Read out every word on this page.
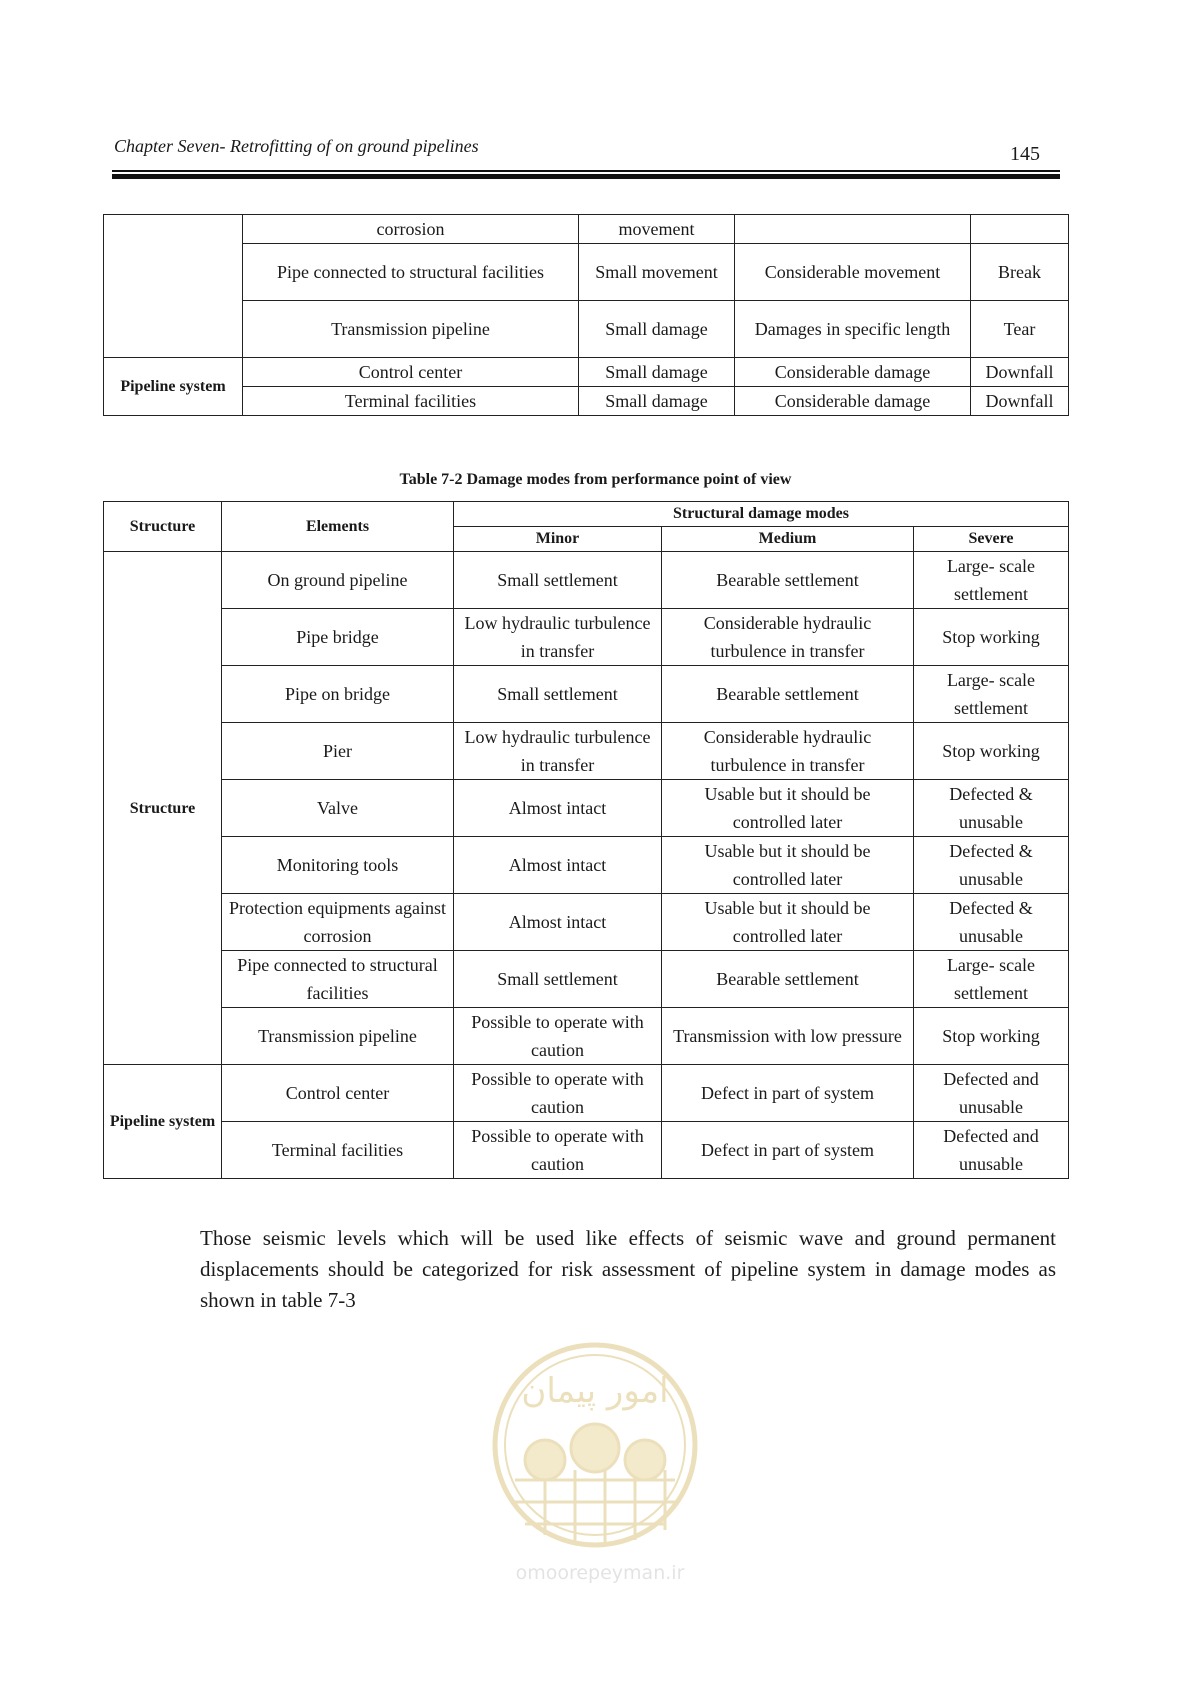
Chapter Seven- Retrofitting of on ground pipelines	145
	corrosion	movement		
	Pipe connected to structural facilities	Small movement	Considerable movement	Break
	Transmission pipeline	Small damage	Damages in specific length	Tear
Pipeline system	Control center	Small damage	Considerable damage	Downfall
	Terminal facilities	Small damage	Considerable damage	Downfall
Table 7-2 Damage modes from performance point of view
Structure	Elements	Structural damage modes		
		Minor	Medium	Severe
Structure	On ground pipeline	Small settlement	Bearable settlement	Large- scale settlement
	Pipe bridge	Low hydraulic turbulence in transfer	Considerable hydraulic turbulence in transfer	Stop working
	Pipe on bridge	Small settlement	Bearable settlement	Large- scale settlement
	Pier	Low hydraulic turbulence in transfer	Considerable hydraulic turbulence in transfer	Stop working
	Valve	Almost intact	Usable but it should be controlled later	Defected & unusable
	Monitoring tools	Almost intact	Usable but it should be controlled later	Defected & unusable
	Protection equipments against corrosion	Almost intact	Usable but it should be controlled later	Defected & unusable
	Pipe connected to structural facilities	Small settlement	Bearable settlement	Large- scale settlement
	Transmission pipeline	Possible to operate with caution	Transmission with low pressure	Stop working
Pipeline system	Control center	Possible to operate with caution	Defect in part of system	Defected and unusable
	Terminal facilities	Possible to operate with caution	Defect in part of system	Defected and unusable

Those seismic levels which will be used like effects of seismic wave and ground permanent displacements should be categorized for risk assessment of pipeline system in damage modes as shown in table 7-3

امور پیمان
omoorepeyman.ir
